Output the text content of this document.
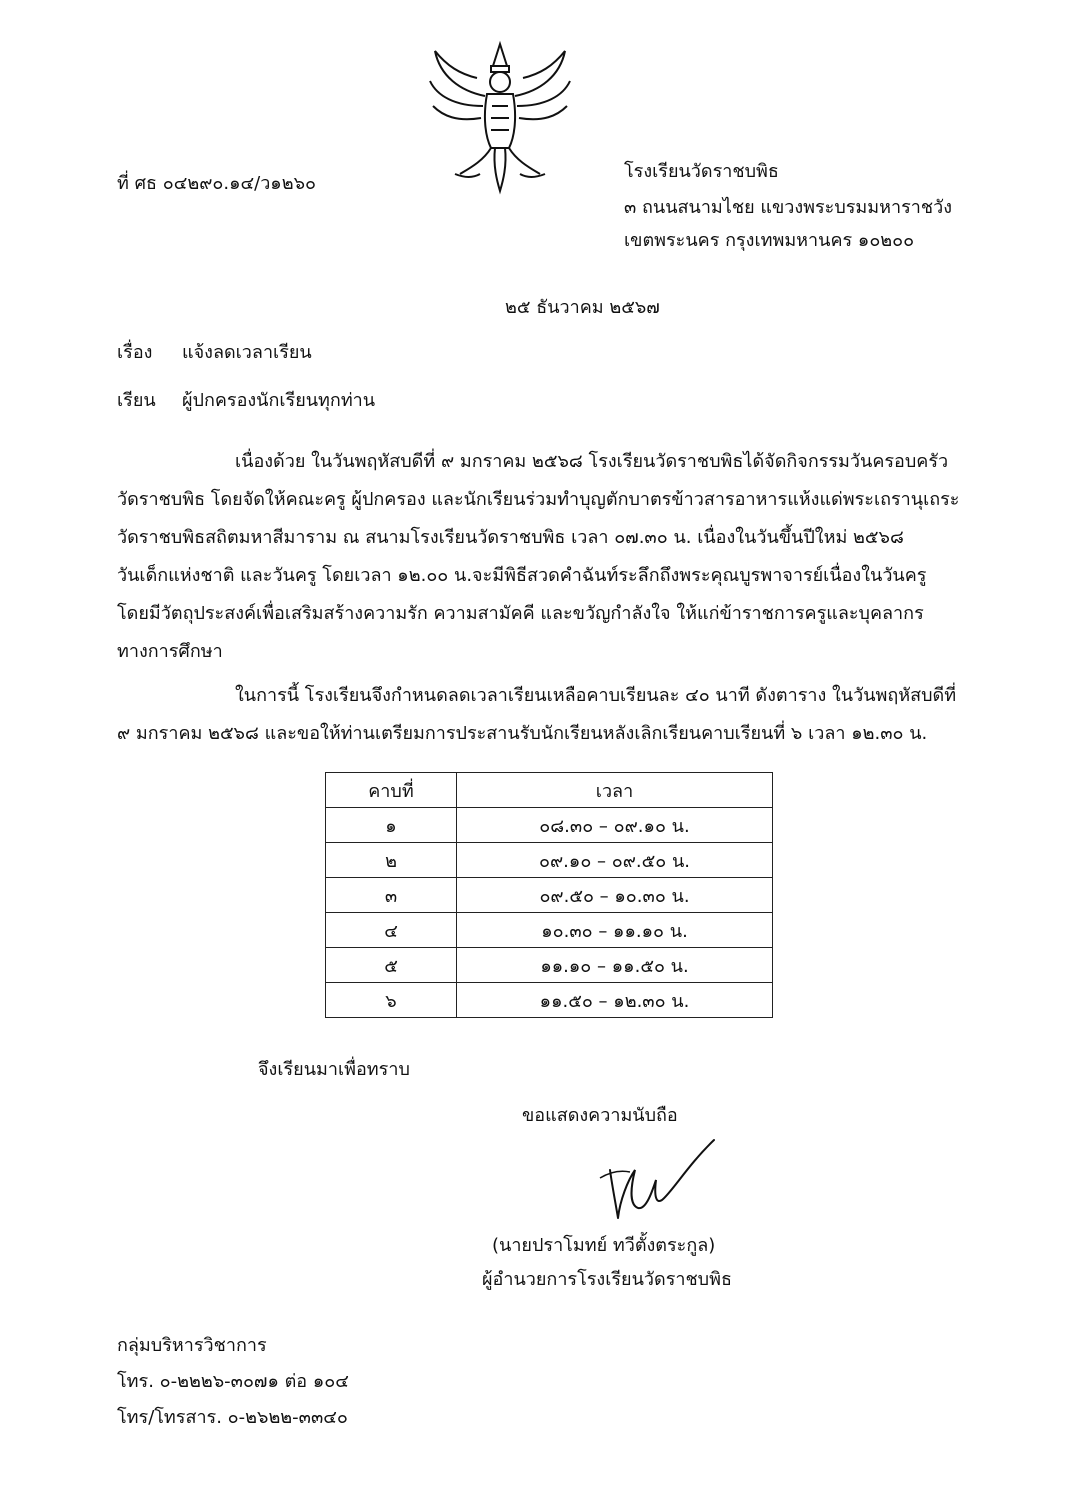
ที่ ศธ ๐๔๒๙๐.๑๔/ว๑๒๖๐
โรงเรียนวัดราชบพิธ
๓ ถนนสนามไชย แขวงพระบรมมหาราชวัง
เขตพระนคร กรุงเทพมหานคร ๑๐๒๐๐
๒๕ ธันวาคม ๒๕๖๗
เรื่อง แจ้งลดเวลาเรียน
เรียน ผู้ปกครองนักเรียนทุกท่าน
เนื่องด้วย ในวันพฤหัสบดีที่ ๙ มกราคม ๒๕๖๘ โรงเรียนวัดราชบพิธได้จัดกิจกรรมวันครอบครัว
วัดราชบพิธ โดยจัดให้คณะครู ผู้ปกครอง และนักเรียนร่วมทำบุญตักบาตรข้าวสารอาหารแห้งแด่พระเถรานุเถระ
วัดราชบพิธสถิตมหาสีมาราม ณ สนามโรงเรียนวัดราชบพิธ เวลา ๐๗.๓๐ น. เนื่องในวันขึ้นปีใหม่ ๒๕๖๘
วันเด็กแห่งชาติ และวันครู โดยเวลา ๑๒.๐๐ น.จะมีพิธีสวดคำฉันท์ระลึกถึงพระคุณบูรพาจารย์เนื่องในวันครู
โดยมีวัตถุประสงค์เพื่อเสริมสร้างความรัก ความสามัคคี และขวัญกำลังใจ ให้แก่ข้าราชการครูและบุคลากร
ทางการศึกษา
ในการนี้ โรงเรียนจึงกำหนดลดเวลาเรียนเหลือคาบเรียนละ ๔๐ นาที ดังตาราง ในวันพฤหัสบดีที่
๙ มกราคม ๒๕๖๘ และขอให้ท่านเตรียมการประสานรับนักเรียนหลังเลิกเรียนคาบเรียนที่ ๖ เวลา ๑๒.๓๐ น.
คาบที่	เวลา
๑	๐๘.๓๐ – ๐๙.๑๐ น.
๒	๐๙.๑๐ – ๐๙.๕๐ น.
๓	๐๙.๕๐ – ๑๐.๓๐ น.
๔	๑๐.๓๐ – ๑๑.๑๐ น.
๕	๑๑.๑๐ – ๑๑.๕๐ น.
๖	๑๑.๕๐ – ๑๒.๓๐ น.
จึงเรียนมาเพื่อทราบ
ขอแสดงความนับถือ
(นายปราโมทย์ ทวีตั้งตระกูล)
ผู้อำนวยการโรงเรียนวัดราชบพิธ
กลุ่มบริหารวิชาการ
โทร. ๐-๒๒๒๖-๓๐๗๑ ต่อ ๑๐๔
โทร/โทรสาร. ๐-๒๖๒๒-๓๓๔๐
